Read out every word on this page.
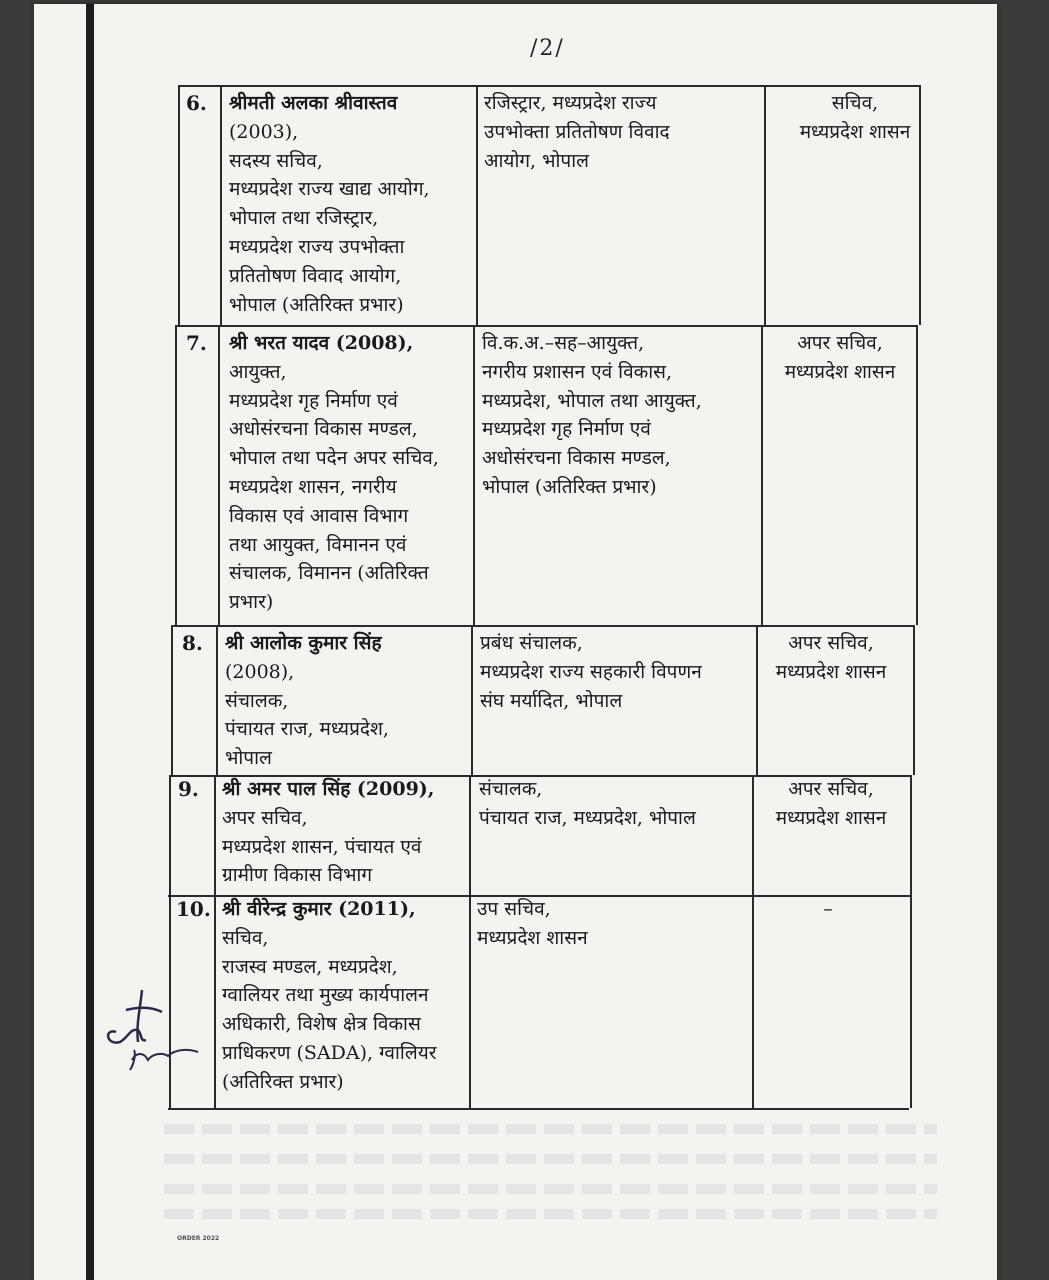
/2/
6. श्रीमती अलका श्रीवास्तव
(2003),
सदस्य सचिव,
मध्यप्रदेश राज्य खाद्य आयोग,
भोपाल तथा रजिस्ट्रार,
मध्यप्रदेश राज्य उपभोक्ता
प्रतितोषण विवाद आयोग,
भोपाल (अतिरिक्त प्रभार)
रजिस्ट्रार, मध्यप्रदेश राज्य
उपभोक्ता प्रतितोषण विवाद
आयोग, भोपाल
सचिव,
मध्यप्रदेश शासन
7. श्री भरत यादव (2008),
आयुक्त,
मध्यप्रदेश गृह निर्माण एवं
अधोसंरचना विकास मण्डल,
भोपाल तथा पदेन अपर सचिव,
मध्यप्रदेश शासन, नगरीय
विकास एवं आवास विभाग
तथा आयुक्त, विमानन एवं
संचालक, विमानन (अतिरिक्त
प्रभार)
वि.क.अ.–सह–आयुक्त,
नगरीय प्रशासन एवं विकास,
मध्यप्रदेश, भोपाल तथा आयुक्त,
मध्यप्रदेश गृह निर्माण एवं
अधोसंरचना विकास मण्डल,
भोपाल (अतिरिक्त प्रभार)
अपर सचिव,
मध्यप्रदेश शासन
8. श्री आलोक कुमार सिंह
(2008),
संचालक,
पंचायत राज, मध्यप्रदेश,
भोपाल
प्रबंध संचालक,
मध्यप्रदेश राज्य सहकारी विपणन
संघ मर्यादित, भोपाल
अपर सचिव,
मध्यप्रदेश शासन
9. श्री अमर पाल सिंह (2009),
अपर सचिव,
मध्यप्रदेश शासन, पंचायत एवं
ग्रामीण विकास विभाग
संचालक,
पंचायत राज, मध्यप्रदेश, भोपाल
अपर सचिव,
मध्यप्रदेश शासन
10. श्री वीरेन्द्र कुमार (2011),
सचिव,
राजस्व मण्डल, मध्यप्रदेश,
ग्वालियर तथा मुख्य कार्यपालन
अधिकारी, विशेष क्षेत्र विकास
प्राधिकरण (SADA), ग्वालियर
(अतिरिक्त प्रभार)
उप सचिव,
मध्यप्रदेश शासन
–
ORDER 2022
